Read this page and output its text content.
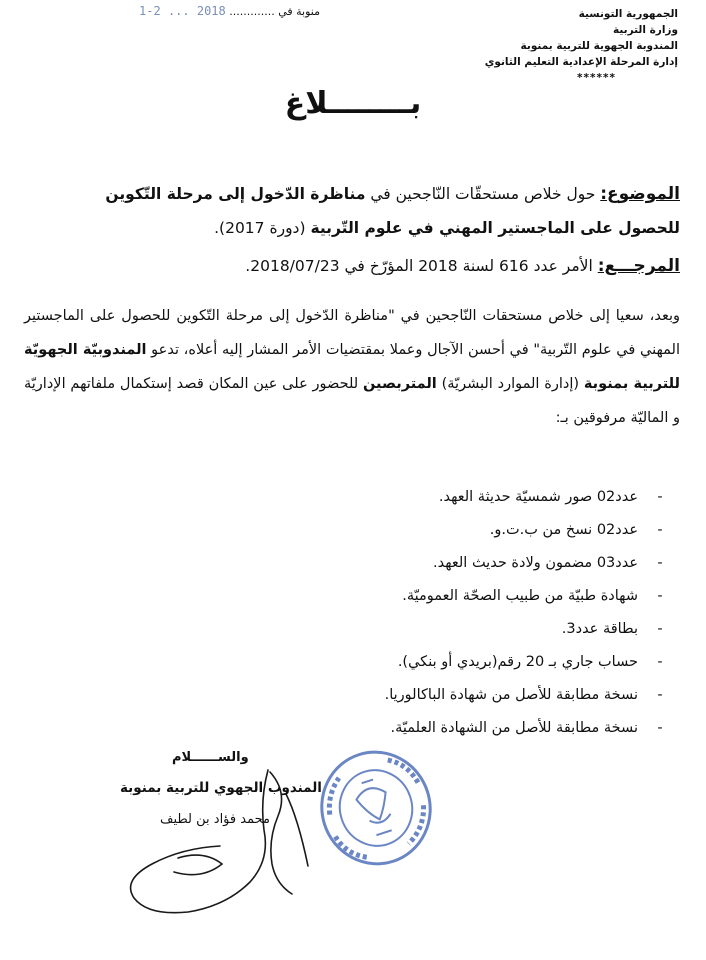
الجمهورية التونسية
وزارة التربية
المندوبة الجهوية للتربية بمنوبة
إدارة المرحلة الإعدادية التعليم الثانوي
******
منوبة في ............. 2018 ... 2-1
بــــــــلاغ
الموضوع: حول خلاص مستحقّات النّاجحين في مناظرة الدّخول إلى مرحلة التّكوين
للحصول على الماجستير المهني في علوم التّربية (دورة 2017).
المرجـــع: الأمر عدد 616 لسنة 2018 المؤرّخ في 2018/07/23.
وبعد، سعيا إلى خلاص مستحقات النّاجحين في "مناظرة الدّخول إلى مرحلة التّكوين للحصول على الماجستير المهني في علوم التّربية" في أحسن الآجال وعملا بمقتضيات الأمر المشار إليه أعلاه، تدعو المندوبيّة الجهويّة للتربية بمنوبة (إدارة الموارد البشريّة) المتربصين للحضور على عين المكان قصد إستكمال ملفاتهم الإداريّة و الماليّة مرفوقين بـ:
-عدد02 صور شمسيّة حديثة العهد.
-عدد02 نسخ من ب.ت.و.
-عدد03 مضمون ولادة حديث العهد.
-شهادة طبيّة من طبيب الصحّة العموميّة.
-بطاقة عدد3.
-حساب جاري بـ 20 رقم(بريدي أو بنكي).
-نسخة مطابقة للأصل من شهادة الباكالوريا.
-نسخة مطابقة للأصل من الشهادة العلميّة.
والســــــلام
المندوب الجهوي للتربية بمنوبة
محمد فؤاد بن لطيف
